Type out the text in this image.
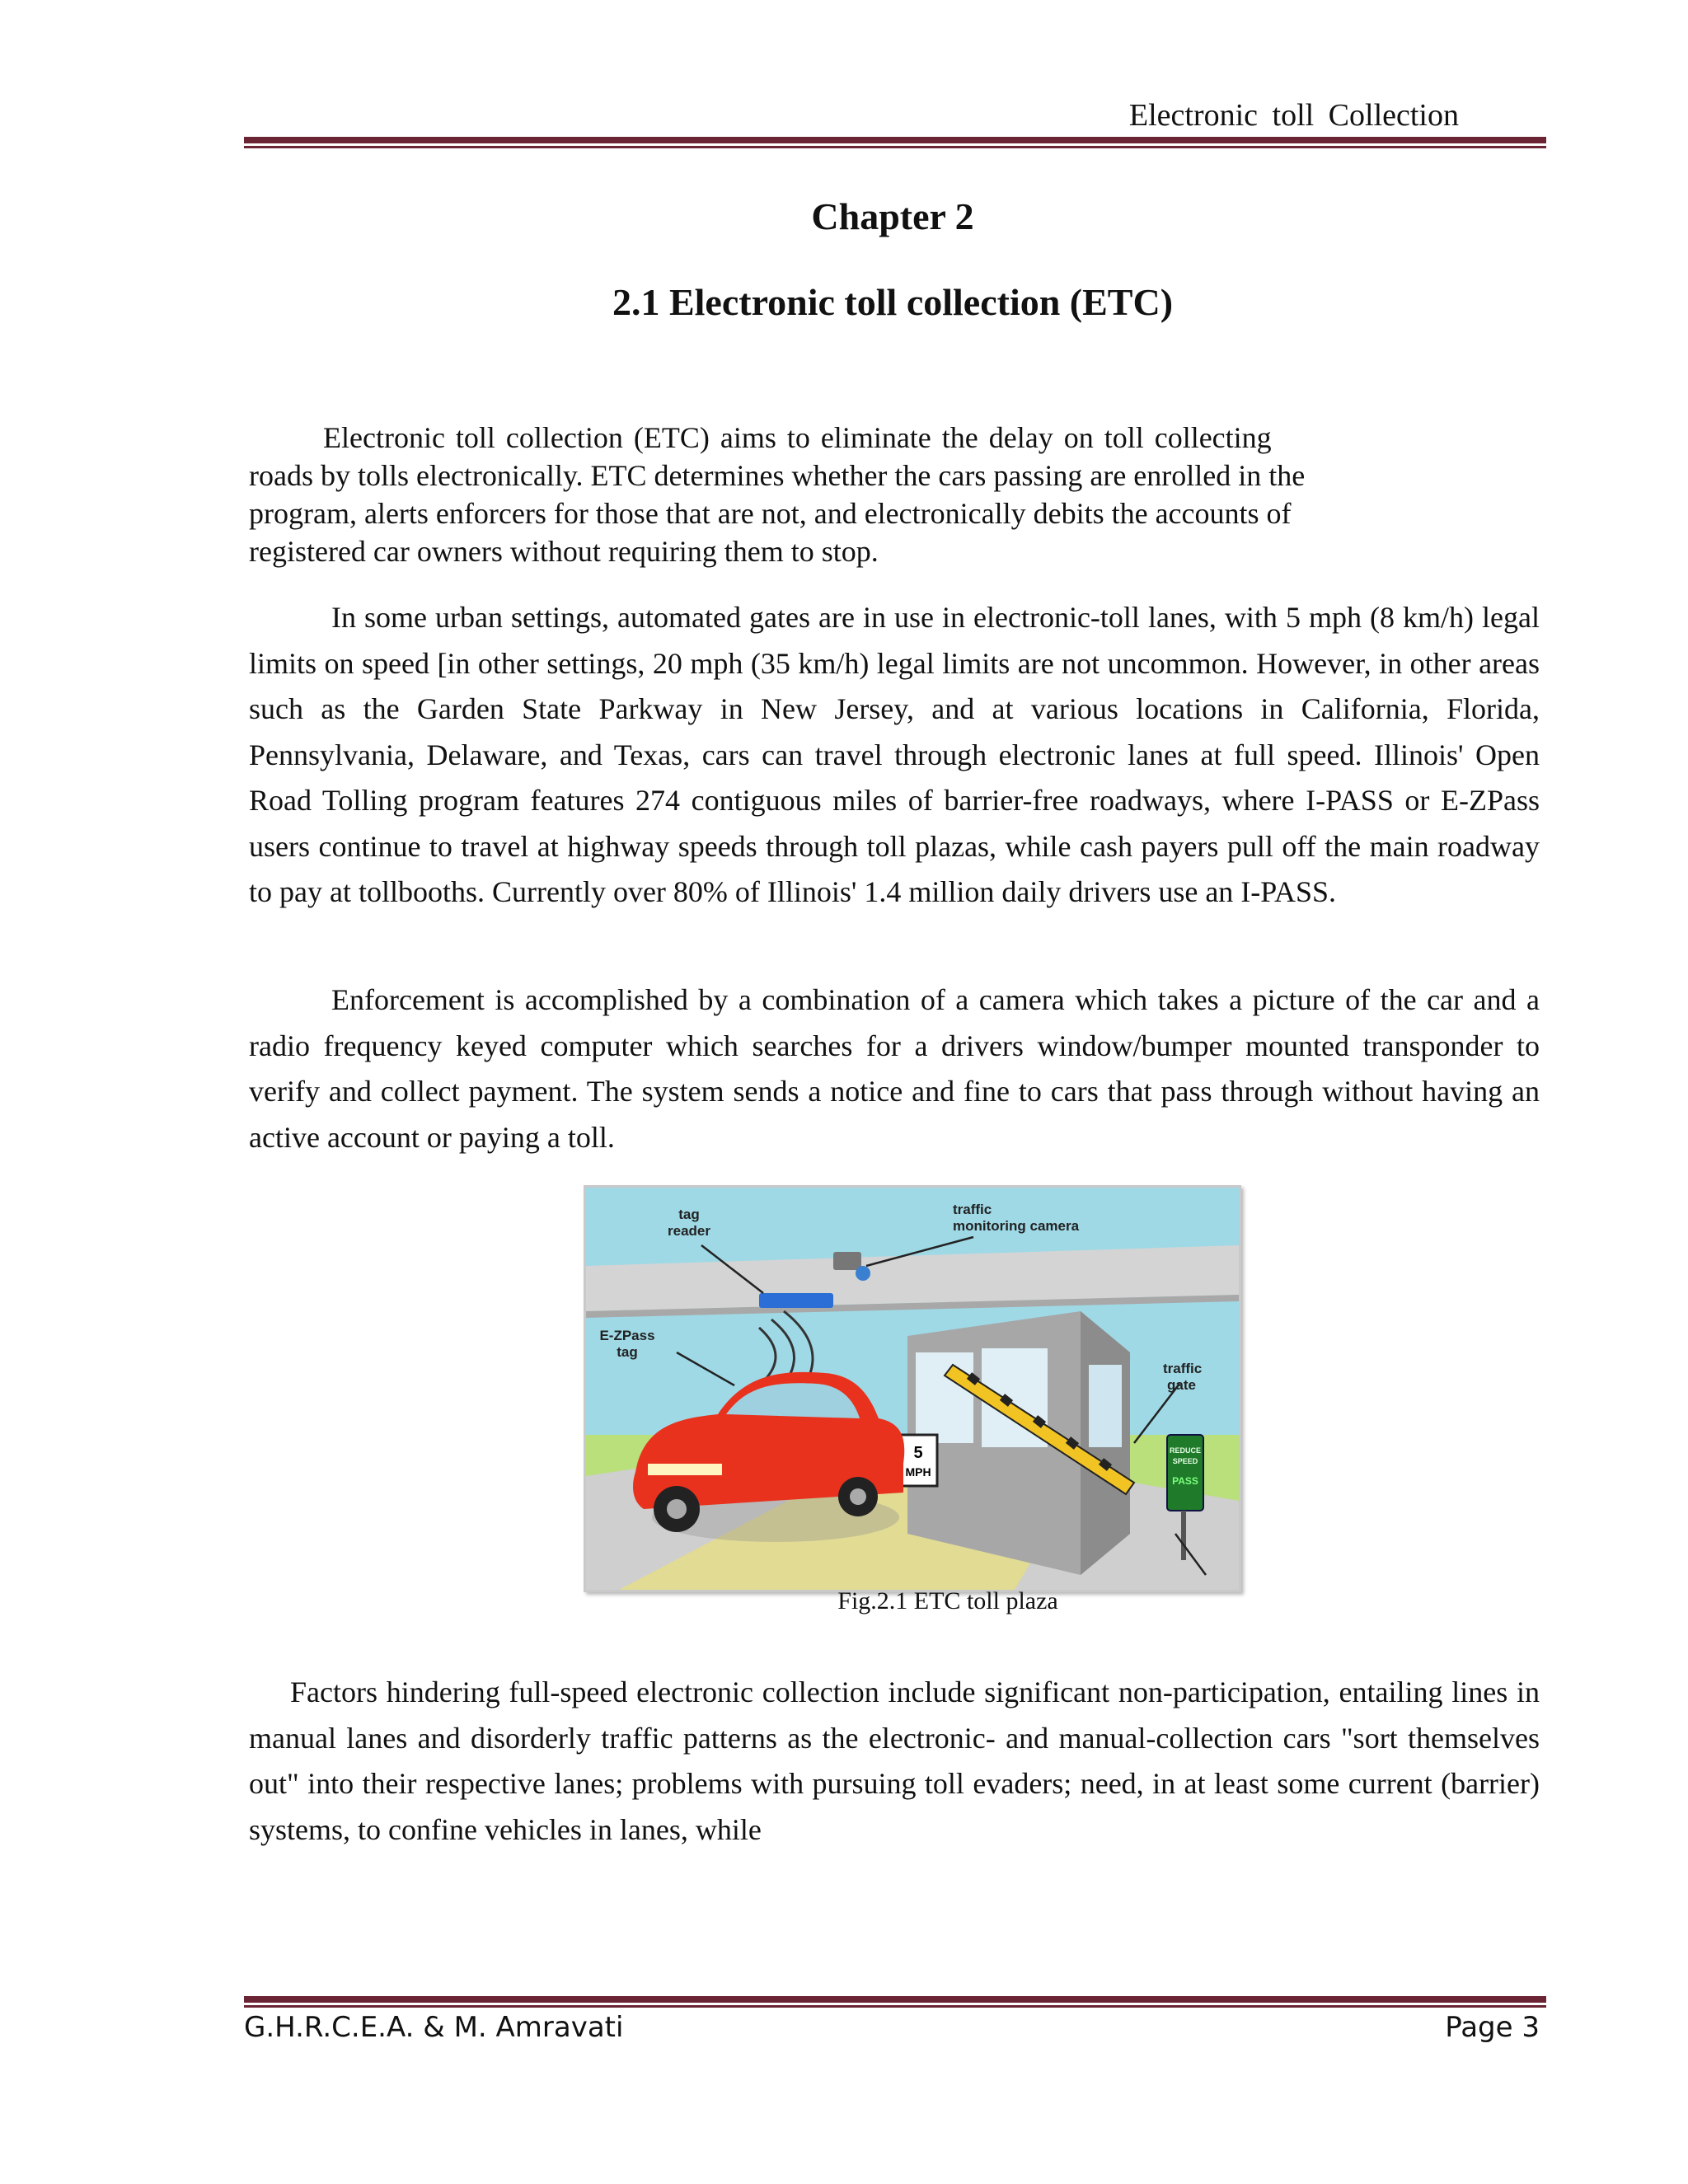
Electronic toll Collection
Chapter 2
2.1 Electronic toll collection (ETC)
Electronic toll collection (ETC) aims to eliminate the delay on toll collecting
roads by tolls electronically. ETC determines whether the cars passing are enrolled in the
program, alerts enforcers for those that are not, and electronically debits the accounts of
registered car owners without requiring them to stop.

In some urban settings, automated gates are in use in electronic-toll lanes, with 5 mph (8 km/h) legal limits on speed [in other settings, 20 mph (35 km/h) legal limits are not uncommon. However, in other areas such as the Garden State Parkway in New Jersey, and at various locations in California, Florida, Pennsylvania, Delaware, and Texas, cars can travel through electronic lanes at full speed. Illinois' Open Road Tolling program features 274 contiguous miles of barrier-free roadways, where I-PASS or E-ZPass users continue to travel at highway speeds through toll plazas, while cash payers pull off the main roadway to pay at tollbooths. Currently over 80% of Illinois' 1.4 million daily drivers use an I-PASS.

Enforcement is accomplished by a combination of a camera which takes a picture of the car and a radio frequency keyed computer which searches for a drivers window/bumper mounted transponder to verify and collect payment. The system sends a notice and fine to cars that pass through without having an active account or paying a toll.

5
MPH
REDUCE
SPEED
PASS
tag
reader
traffic
monitoring camera
E-ZPass
tag
traffic
gate
Fig.2.1 ETC toll plaza

Factors hindering full-speed electronic collection include significant non-participation, entailing lines in manual lanes and disorderly traffic patterns as the electronic- and manual-collection cars "sort themselves out" into their respective lanes; problems with pursuing toll evaders; need, in at least some current (barrier) systems, to confine vehicles in lanes, while

G.H.R.C.E.A. & M. Amravati	Page 3
